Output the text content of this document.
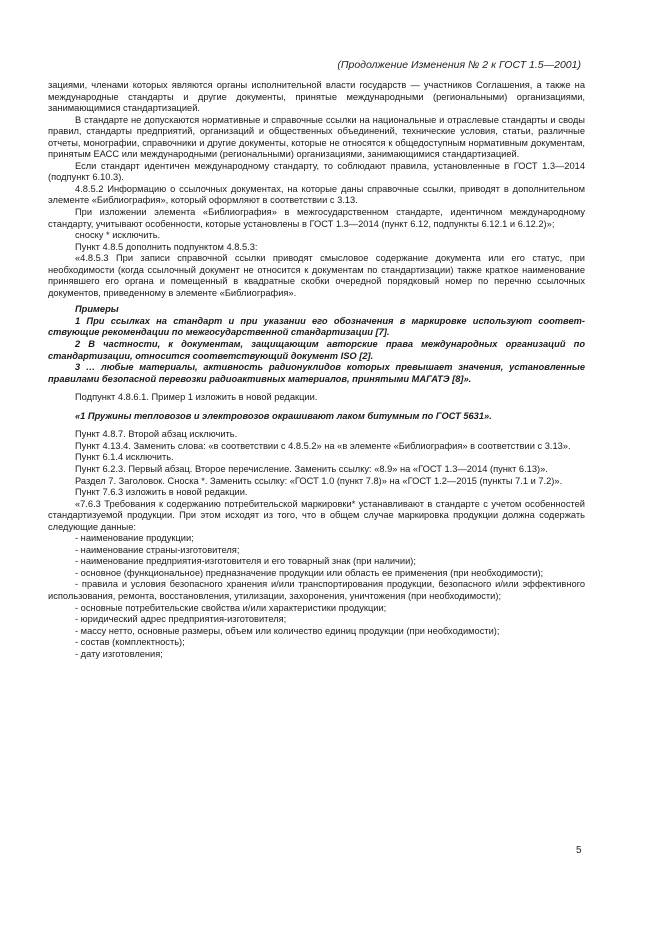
(Продолжение Изменения № 2 к ГОСТ 1.5—2001)

зациями, членами которых являются органы исполнительной власти государств — участников Соглашения, а также на международные стандарты и другие документы, принятые международными (региональными) организациями, занимающимися стандартизацией.

В стандарте не допускаются нормативные и справочные ссылки на национальные и отраслевые стандарты и своды правил, стандарты предприятий, организаций и общественных объединений, технические условия, статьи, различные отчеты, монографии, справочники и другие документы, которые не относятся к общедоступным нормативным документам, принятым ЕАСС или международными (региональными) организациями, занимающимися стандартизацией.

Если стандарт идентичен международному стандарту, то соблюдают правила, установленные в ГОСТ 1.3—2014 (подпункт 6.10.3).

4.8.5.2 Информацию о ссылочных документах, на которые даны справочные ссылки, приводят в дополнительном элементе «Библиография», который оформляют в соответствии с 3.13.

При изложении элемента «Библиография» в межгосударственном стандарте, идентичном международному стандарту, учитывают особенности, которые установлены в ГОСТ 1.3—2014 (пункт 6.12, подпункты 6.12.1 и 6.12.2)»;

сноску * исключить.

Пункт 4.8.5 дополнить подпунктом 4.8.5.3:

«4.8.5.3 При записи справочной ссылки приводят смысловое содержание документа или его статус, при необходимости (когда ссылочный документ не относится к документам по стандартизации) также краткое наименование принявшего его органа и помещенный в квадратные скобки очередной порядковый номер по перечню ссылочных документов, приведенному в элементе «Библиография».

Примеры

1 При ссылках на стандарт и при указании его обозначения в маркировке используют соответствующие рекомендации по межгосударственной стандартизации [7].

2 В частности, к документам, защищающим авторские права международных организаций по стандартизации, относится соответствующий документ ISO [2].

3 … любые материалы, активность радионуклидов которых превышает значения, установленные правилами безопасной перевозки радиоактивных материалов, принятыми МАГАТЭ [8]».

Подпункт 4.8.6.1. Пример 1 изложить в новой редакции.

«1 Пружины тепловозов и электровозов окрашивают лаком битумным по ГОСТ 5631».

Пункт 4.8.7. Второй абзац исключить.

Пункт 4.13.4. Заменить слова: «в соответствии с 4.8.5.2» на «в элементе «Библиография» в соответствии с 3.13».

Пункт 6.1.4 исключить.

Пункт 6.2.3. Первый абзац. Второе перечисление. Заменить ссылку: «8.9» на «ГОСТ 1.3—2014 (пункт 6.13)».

Раздел 7. Заголовок. Сноска *. Заменить ссылку: «ГОСТ 1.0 (пункт 7.8)» на «ГОСТ 1.2—2015 (пункты 7.1 и 7.2)».

Пункт 7.6.3 изложить в новой редакции.

«7.6.3 Требования к содержанию потребительской маркировки* устанавливают в стандарте с учетом особенностей стандартизуемой продукции. При этом исходят из того, что в общем случае маркировка продукции должна содержать следующие данные:

- наименование продукции;

- наименование страны-изготовителя;

- наименование предприятия-изготовителя и его товарный знак (при наличии);

- основное (функциональное) предназначение продукции или область ее применения (при необходимости);

- правила и условия безопасного хранения и/или транспортирования продукции, безопасного и/или эффективного использования, ремонта, восстановления, утилизации, захоронения, уничтожения (при необходимости);

- основные потребительские свойства и/или характеристики продукции;

- юридический адрес предприятия-изготовителя;

- массу нетто, основные размеры, объем или количество единиц продукции (при необходимости);

- состав (комплектность);

- дату изготовления;

5
